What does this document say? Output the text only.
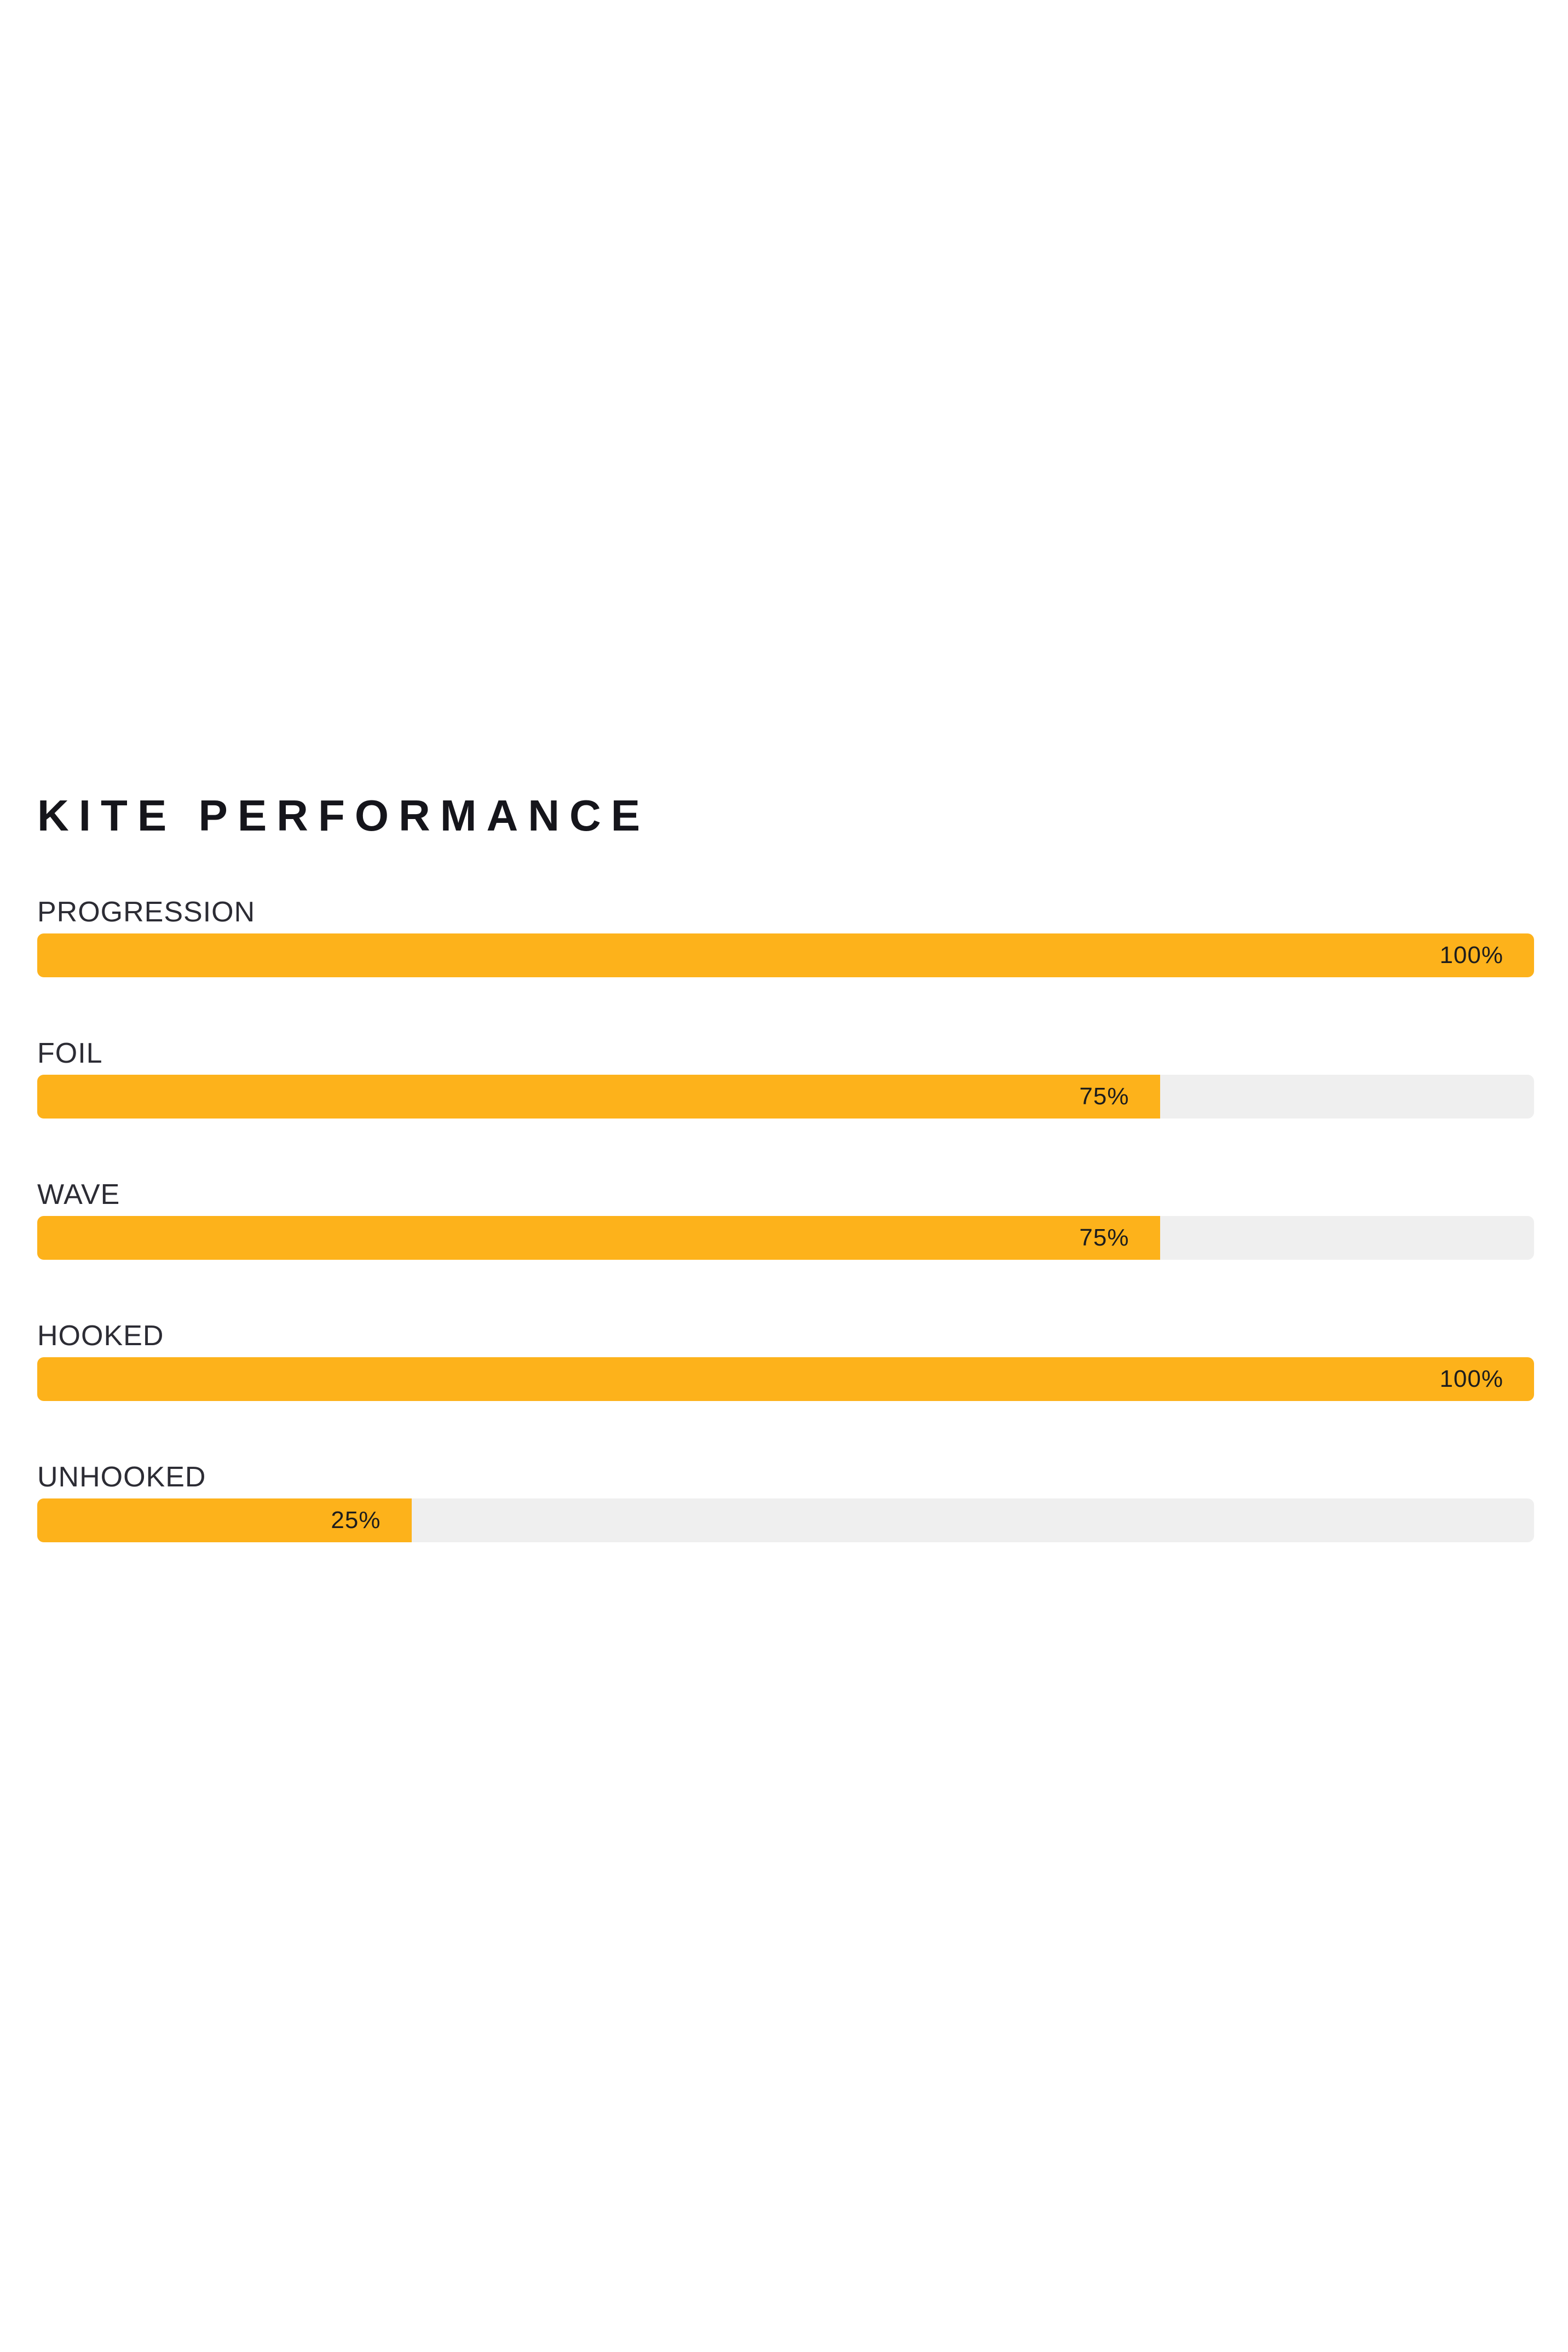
KITE PERFORMANCE
PROGRESSION
100%
FOIL
75%
WAVE
75%
HOOKED
100%
UNHOOKED
25%
